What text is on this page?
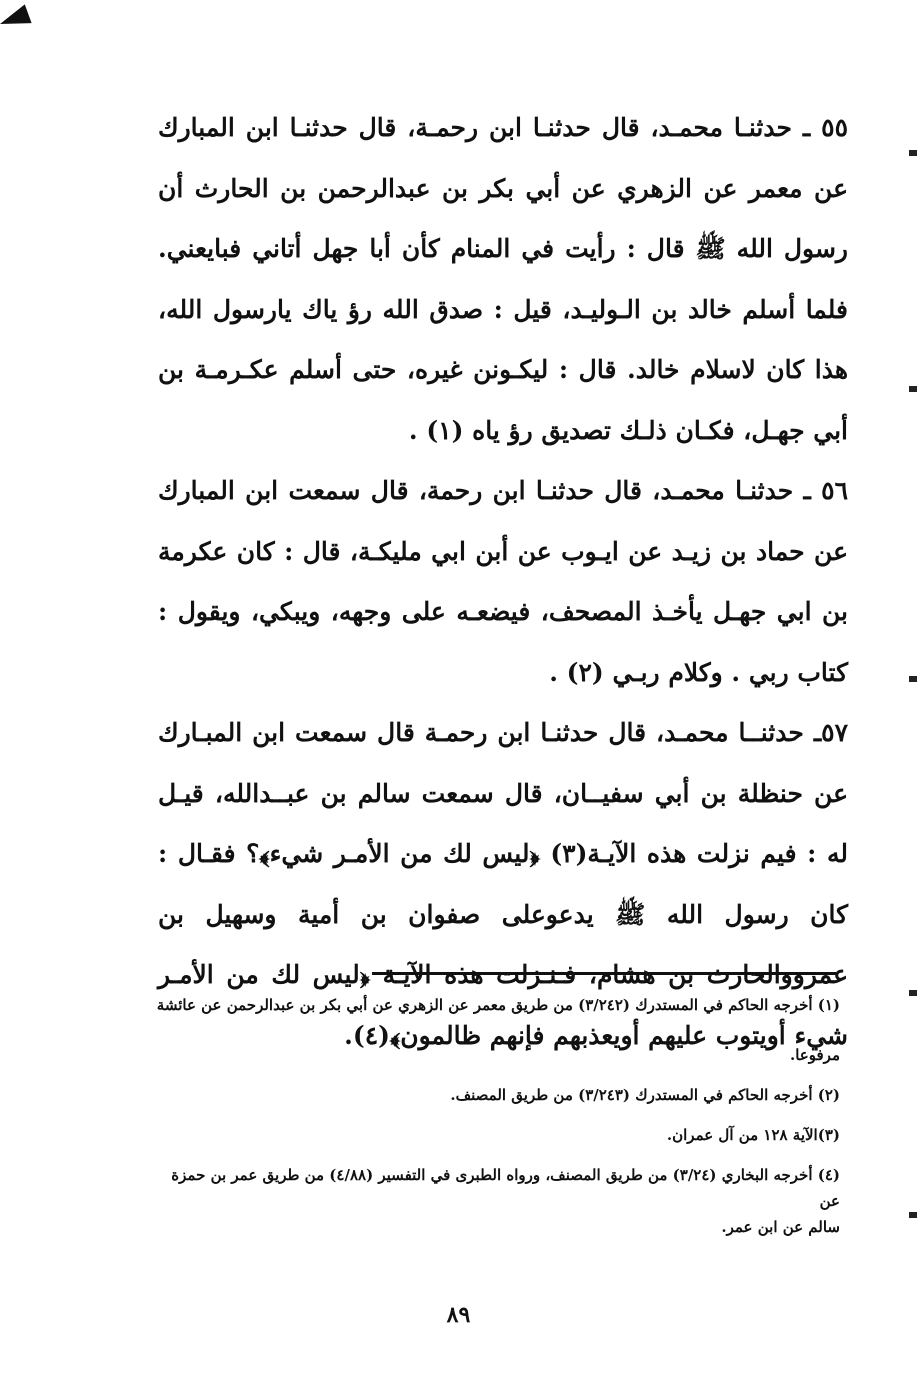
٥٥ ـ حدثنـا محمـد، قال حدثنـا ابن رحمـة، قال حدثنـا ابن المبارك عن معمر عن الزهري عن أبي بكر بن عبدالرحمن بن الحارث أن رسول الله ﷺ قال : رأيت في المنام كأن أبا جهل أتاني فبايعني. فلما أسلم خالد بن الـوليـد، قيل : صدق الله رؤ ياك يارسول الله، هذا كان لاسلام خالد. قال : ليكـونن غيره، حتى أسلم عكـرمـة بن أبي جهـل، فكـان ذلـك تصديق رؤ ياه (١) .

٥٦ ـ حدثنـا محمـد، قال حدثنـا ابن رحمة، قال سمعت ابن المبارك عن حماد بن زيـد عن ايـوب عن أبن ابي مليكـة، قال : كان عكرمة بن ابي جهـل يأخـذ المصحف، فيضعـه على وجهه، ويبكي، ويقول : كتاب ربي . وكلام ربـي (٢) .

٥٧ـ حدثنــا محمـد، قال حدثنـا ابن رحمـة قال سمعت ابن المبـارك عن حنظلة بن أبي سفيــان، قال سمعت سالم بن عبــدالله، قيـل له : فيم نزلت هذه الآيـة(٣) ﴿ليس لك من الأمـر شيء﴾؟ فقـال : كان رسول الله ﷺ يدعوعلى صفوان بن أمية وسهيل بن عمرووالحارث بن هشام، فـنـزلت هذه الآيـة ﴿ليس لك من الأمـر شيء أويتوب عليهم أويعذبهم فإنهم ظالمون﴾(٤).

(١) أخرجه الحاكم في المستدرك (٣/٢٤٢) من طريق معمر عن الزهري عن أبي بكر بن عبدالرحمن عن عائشة
مرفوعا.
(٢) أخرجه الحاكم في المستدرك (٣/٢٤٣) من طريق المصنف.
(٣)الآية ١٢٨ من آل عمران.
(٤) أخرجه البخاري (٣/٢٤) من طريق المصنف، ورواه الطبرى في التفسير (٤/٨٨) من طريق عمر بن حمزة عن
سالم عن ابن عمر.
٨٩
